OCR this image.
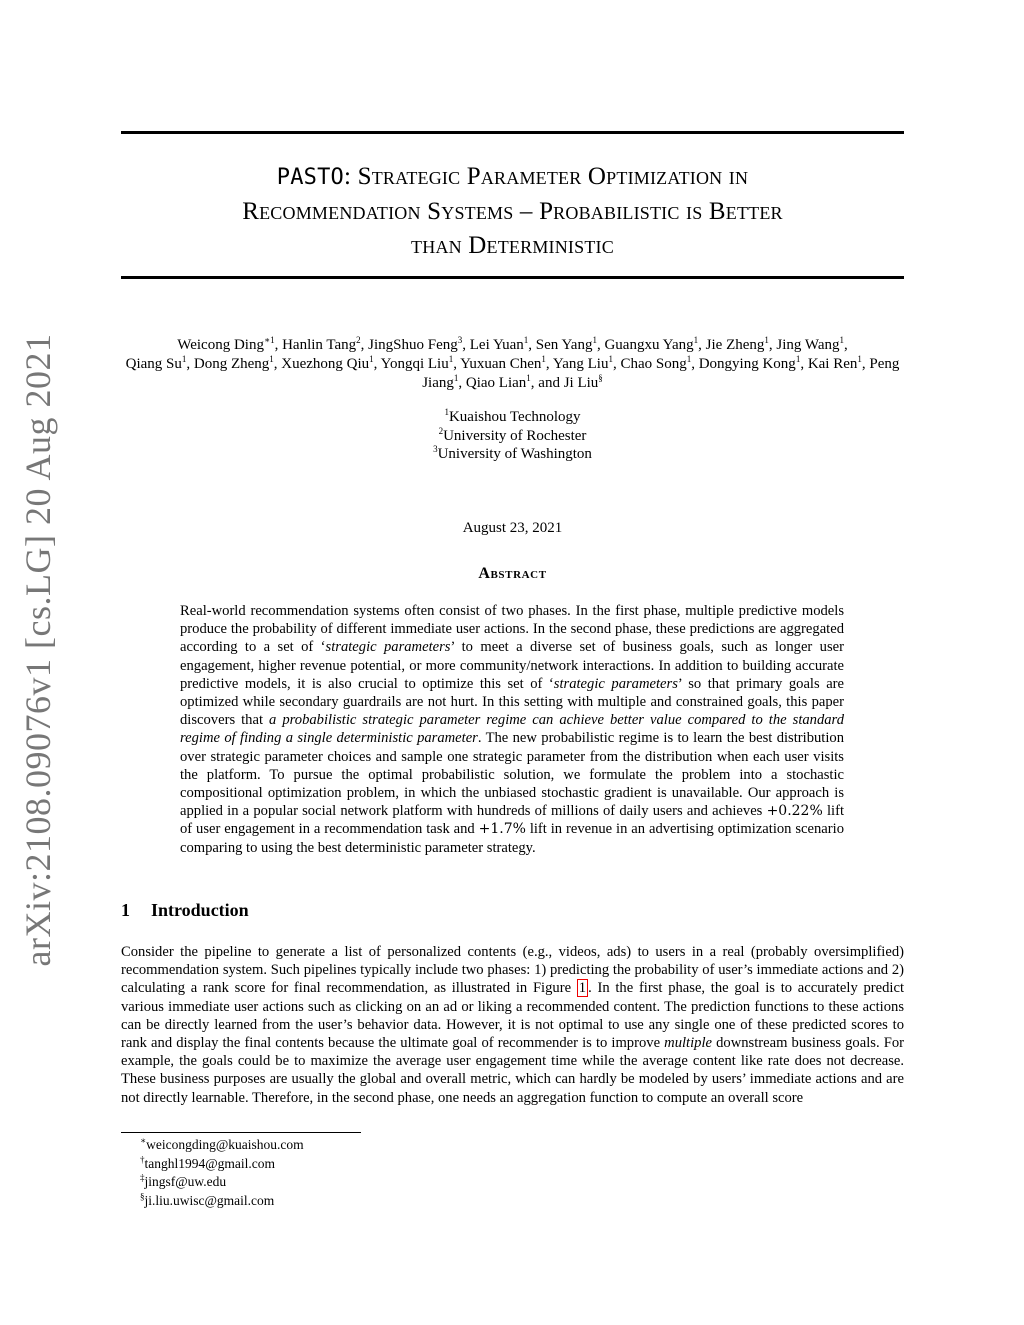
arXiv:2108.09076v1 [cs.LG] 20 Aug 2021
PASTO: Strategic Parameter Optimization in
Recommendation Systems – Probabilistic is Better
than Deterministic
Weicong Ding$^{∗1}$, Hanlin Tang$^2$, JingShuo Feng$^3$, Lei Yuan$^1$, Sen Yang$^1$, Guangxu Yang$^1$, Jie Zheng$^1$, Jing Wang$^1$,
Qiang Su$^1$, Dong Zheng$^1$, Xuezhong Qiu$^1$, Yongqi Liu$^1$, Yuxuan Chen$^1$, Yang Liu$^1$, Chao Song$^1$, Dongying Kong$^1$, Kai Ren$^1$, Peng Jiang$^1$, Qiao Lian$^1$, and Ji Liu§
$^1$Kuaishou Technology
$^2$University of Rochester
$^3$University of Washington
August 23, 2021
Abstract
Real-world recommendation systems often consist of two phases. In the first phase, multiple predictive models produce the probability of different immediate user actions. In the second phase, these predictions are aggregated according to a set of ‘strategic parameters’ to meet a diverse set of business goals, such as longer user engagement, higher revenue potential, or more community/network interactions. In addition to building accurate predictive models, it is also crucial to optimize this set of ‘strategic parameters’ so that primary goals are optimized while secondary guardrails are not hurt. In this setting with multiple and constrained goals, this paper discovers that a probabilistic strategic parameter regime can achieve better value compared to the standard regime of finding a single deterministic parameter. The new probabilistic regime is to learn the best distribution over strategic parameter choices and sample one strategic parameter from the distribution when each user visits the platform. To pursue the optimal probabilistic solution, we formulate the problem into a stochastic compositional optimization problem, in which the unbiased stochastic gradient is unavailable. Our approach is applied in a popular social network platform with hundreds of millions of daily users and achieves +0.22% lift of user engagement in a recommendation task and +1.7% lift in revenue in an advertising optimization scenario comparing to using the best deterministic parameter strategy.
1 Introduction
Consider the pipeline to generate a list of personalized contents (e.g., videos, ads) to users in a real (probably oversimplified) recommendation system. Such pipelines typically include two phases: 1) predicting the probability of user’s immediate actions and 2) calculating a rank score for final recommendation, as illustrated in Figure 1 . In the first phase, the goal is to accurately predict various immediate user actions such as clicking on an ad or liking a recommended content. The prediction functions to these actions can be directly learned from the user’s behavior data. However, it is not optimal to use any single one of these predicted scores to rank and display the final contents because the ultimate goal of recommender is to improve multiple downstream business goals. For example, the goals could be to maximize the average user engagement time while the average content like rate does not decrease. These business purposes are usually the global and overall metric, which can hardly be modeled by users’ immediate actions and are not directly learnable. Therefore, in the second phase, one needs an aggregation function to compute an overall score
∗weicongding@kuaishou.com
†tanghl1994@gmail.com
‡jingsf@uw.edu
§ji.liu.uwisc@gmail.com
